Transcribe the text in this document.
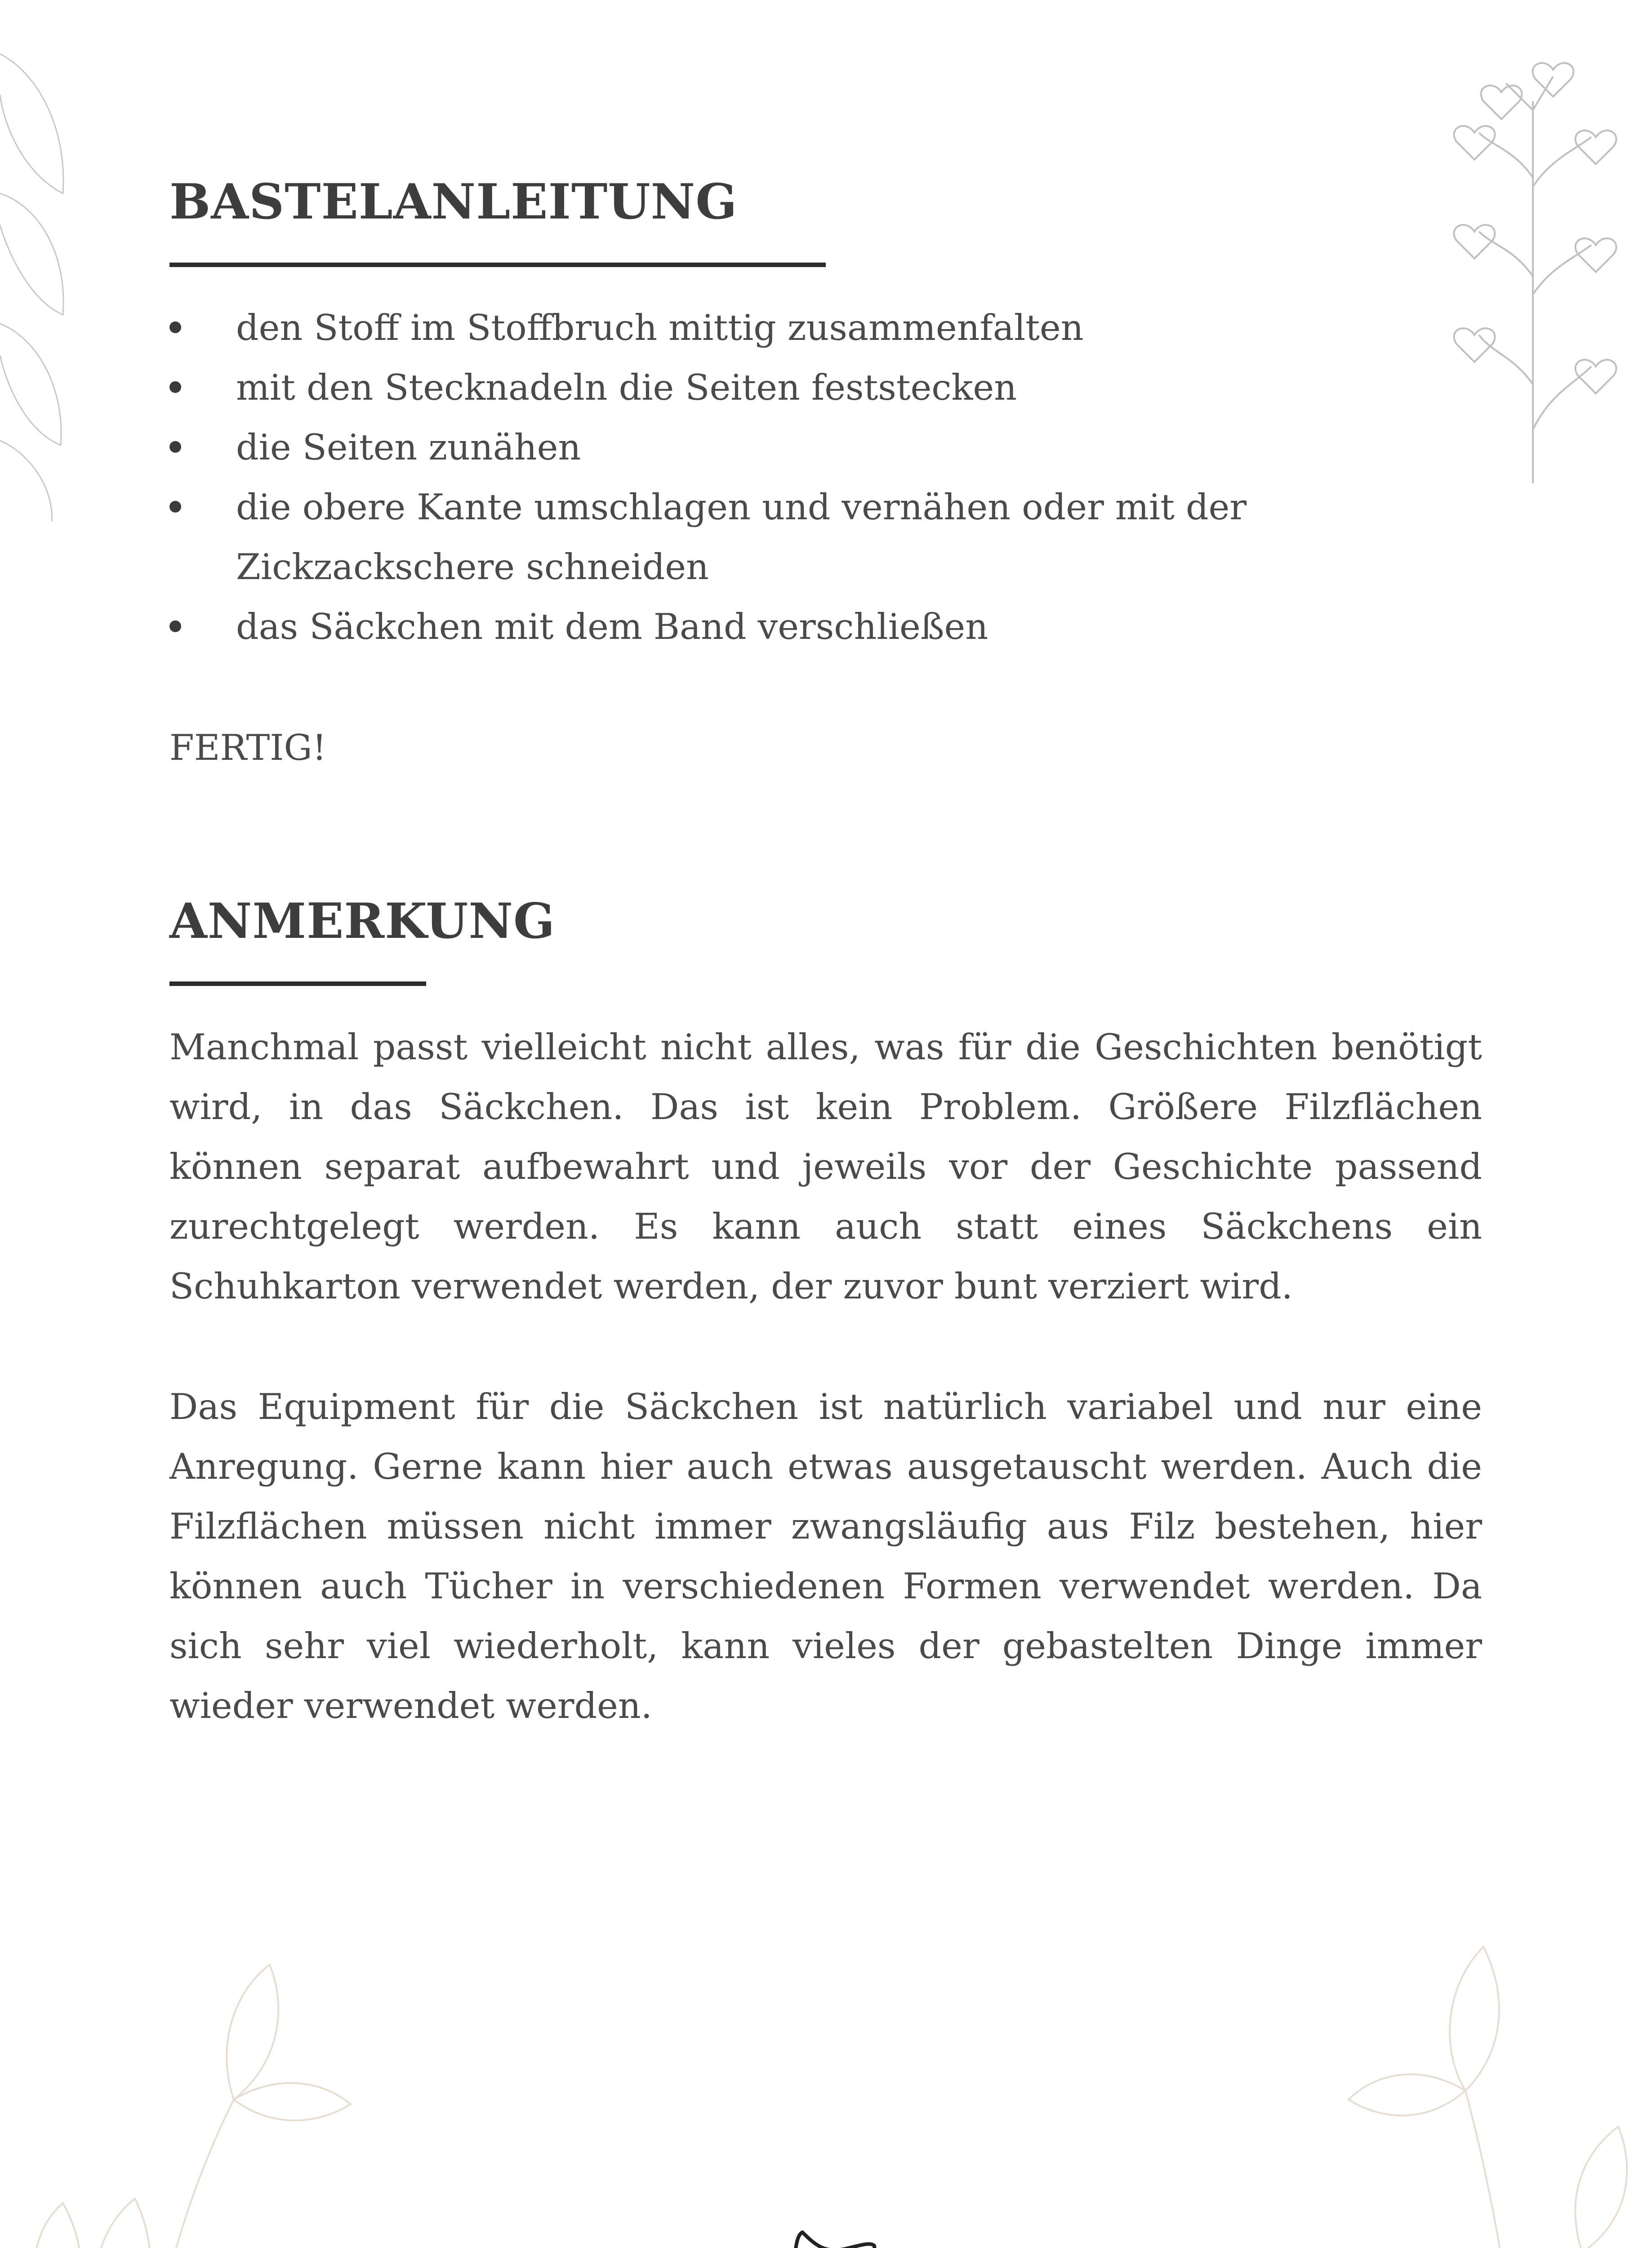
BASTELANLEITUNG
den Stoff im Stoffbruch mittig zusammenfalten
mit den Stecknadeln die Seiten feststecken
die Seiten zunähen
die obere Kante umschlagen und vernähen oder mit der Zickzackschere schneiden
das Säckchen mit dem Band verschließen
FERTIG!
ANMERKUNG
Manchmal passt vielleicht nicht alles, was für die Geschichten benötigt wird, in das Säckchen. Das ist kein Problem. Größere Filzflächen können separat aufbewahrt und jeweils vor der Geschichte passend zurechtgelegt werden. Es kann auch statt eines Säckchens ein Schuhkarton verwendet werden, der zuvor bunt verziert wird.
Das Equipment für die Säckchen ist natürlich variabel und nur eine Anregung. Gerne kann hier auch etwas ausgetauscht werden. Auch die Filzflächen müssen nicht immer zwangsläufig aus Filz bestehen, hier können auch Tücher in verschiedenen Formen verwendet werden. Da sich sehr viel wiederholt, kann vieles der gebastelten Dinge immer wieder verwendet werden.
